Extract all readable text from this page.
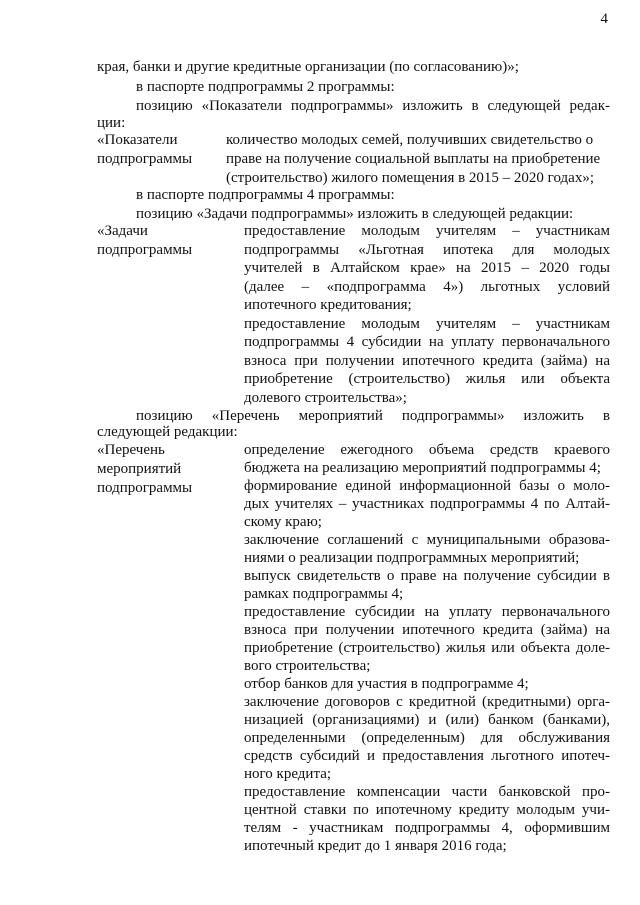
4
края, банки и другие кредитные организации (по согласованию)»;
в паспорте подпрограммы 2 программы:
позицию «Показатели подпрограммы» изложить в следующей редак-
ции:
«Показатели
подпрограммы
количество молодых семей, получивших свидетельство о
праве на получение социальной выплаты на приобретение
(строительство) жилого помещения в 2015 – 2020 годах»;
в паспорте подпрограммы 4 программы:
позицию «Задачи подпрограммы» изложить в следующей редакции:
«Задачи
подпрограммы
предоставление молодым учителям – участникам
подпрограммы «Льготная ипотека для молодых
учителей в Алтайском крае» на 2015 – 2020 годы
(далее – «подпрограмма 4») льготных условий
ипотечного кредитования;
предоставление молодым учителям – участникам
подпрограммы 4 субсидии на уплату первоначального
взноса при получении ипотечного кредита (займа) на
приобретение (строительство) жилья или объекта
долевого строительства»;
позицию «Перечень мероприятий подпрограммы» изложить в
следующей редакции:
«Перечень
мероприятий
подпрограммы
определение ежегодного объема средств краевого
бюджета на реализацию мероприятий подпрограммы 4;
формирование единой информационной базы о моло-
дых учителях – участниках подпрограммы 4 по Алтай-
скому краю;
заключение соглашений с муниципальными образова-
ниями о реализации подпрограммных мероприятий;
выпуск свидетельств о праве на получение субсидии в
рамках подпрограммы 4;
предоставление субсидии на уплату первоначального
взноса при получении ипотечного кредита (займа) на
приобретение (строительство) жилья или объекта доле-
вого строительства;
отбор банков для участия в подпрограмме 4;
заключение договоров с кредитной (кредитными) орга-
низацией (организациями) и (или) банком (банками),
определенными (определенным) для обслуживания
средств субсидий и предоставления льготного ипотеч-
ного кредита;
предоставление компенсации части банковской про-
центной ставки по ипотечному кредиту молодым учи-
телям - участникам подпрограммы 4, оформившим
ипотечный кредит до 1 января 2016 года;
